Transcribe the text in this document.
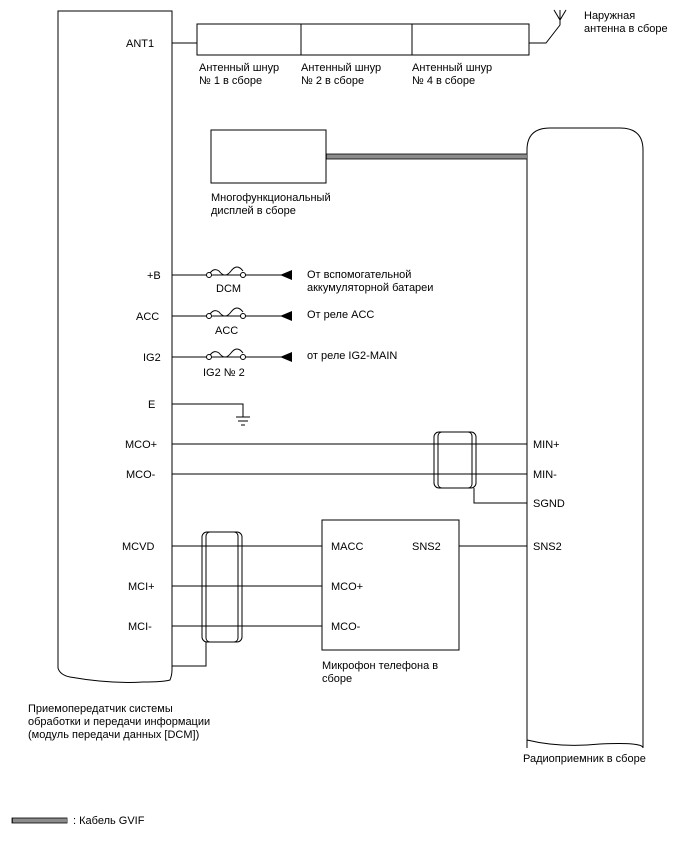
Приемопередатчик системы
обработки и передачи информации
(модуль передачи данных [DCM])
Радиоприемник в сборе
ANT1
Антенный шнур
№ 1 в сборе
Антенный шнур
№ 2 в сборе
Антенный шнур
№ 4 в сборе
Наружная
антенна в сборе
Многофункциональный
дисплей в сборе
+B
DCM
От вспомогательной
аккумуляторной батареи
ACC
ACC
От реле ACC
IG2
IG2 № 2
от реле IG2-MAIN
E
MCO+
MCO-
MIN+
MIN-
SGND
MCVD
MCI+
MCI-
MACC	SNS2
MCO+
MCO-
SNS2
Микрофон телефона в
сборе
: Кабель GVIF
